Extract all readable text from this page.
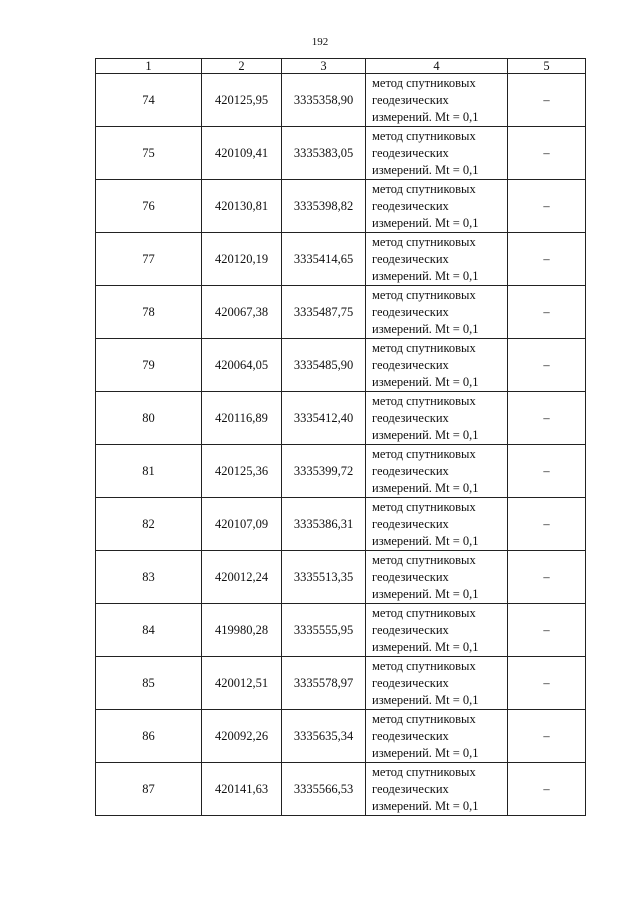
192
1	2	3	4	5
74	420125,95	3335358,90	метод спутниковых
геодезических
измерений. Mt = 0,1	–
75	420109,41	3335383,05	метод спутниковых
геодезических
измерений. Mt = 0,1	–
76	420130,81	3335398,82	метод спутниковых
геодезических
измерений. Mt = 0,1	–
77	420120,19	3335414,65	метод спутниковых
геодезических
измерений. Mt = 0,1	–
78	420067,38	3335487,75	метод спутниковых
геодезических
измерений. Mt = 0,1	–
79	420064,05	3335485,90	метод спутниковых
геодезических
измерений. Mt = 0,1	–
80	420116,89	3335412,40	метод спутниковых
геодезических
измерений. Mt = 0,1	–
81	420125,36	3335399,72	метод спутниковых
геодезических
измерений. Mt = 0,1	–
82	420107,09	3335386,31	метод спутниковых
геодезических
измерений. Mt = 0,1	–
83	420012,24	3335513,35	метод спутниковых
геодезических
измерений. Mt = 0,1	–
84	419980,28	3335555,95	метод спутниковых
геодезических
измерений. Mt = 0,1	–
85	420012,51	3335578,97	метод спутниковых
геодезических
измерений. Mt = 0,1	–
86	420092,26	3335635,34	метод спутниковых
геодезических
измерений. Mt = 0,1	–
87	420141,63	3335566,53	метод спутниковых
геодезических
измерений. Mt = 0,1	–
